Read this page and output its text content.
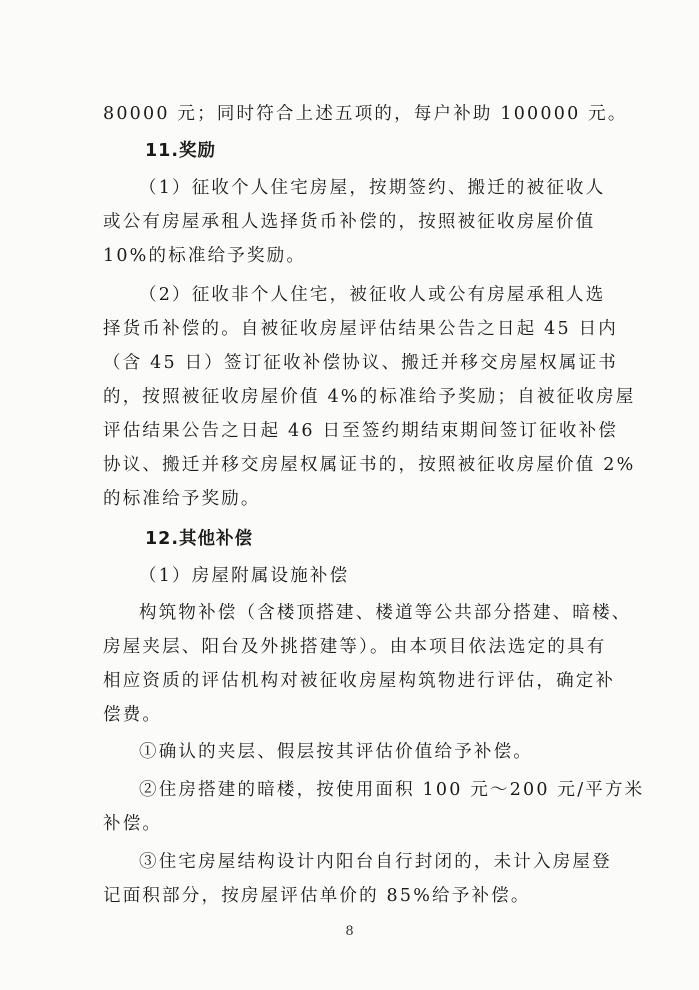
80000 元；同时符合上述五项的，每户补助 100000 元。

11.奖励

（1）征收个人住宅房屋，按期签约、搬迁的被征收人
或公有房屋承租人选择货币补偿的，按照被征收房屋价值
10%的标准给予奖励。

（2）征收非个人住宅，被征收人或公有房屋承租人选
择货币补偿的。自被征收房屋评估结果公告之日起 45 日内
（含 45 日）签订征收补偿协议、搬迁并移交房屋权属证书
的，按照被征收房屋价值 4%的标准给予奖励；自被征收房屋
评估结果公告之日起 46 日至签约期结束期间签订征收补偿
协议、搬迁并移交房屋权属证书的，按照被征收房屋价值 2%
的标准给予奖励。

12.其他补偿

（1）房屋附属设施补偿

构筑物补偿（含楼顶搭建、楼道等公共部分搭建、暗楼、
房屋夹层、阳台及外挑搭建等）。由本项目依法选定的具有
相应资质的评估机构对被征收房屋构筑物进行评估，确定补
偿费。

①确认的夹层、假层按其评估价值给予补偿。

②住房搭建的暗楼，按使用面积 100 元～200 元/平方米
补偿。

③住宅房屋结构设计内阳台自行封闭的，未计入房屋登
记面积部分，按房屋评估单价的 85%给予补偿。

8
